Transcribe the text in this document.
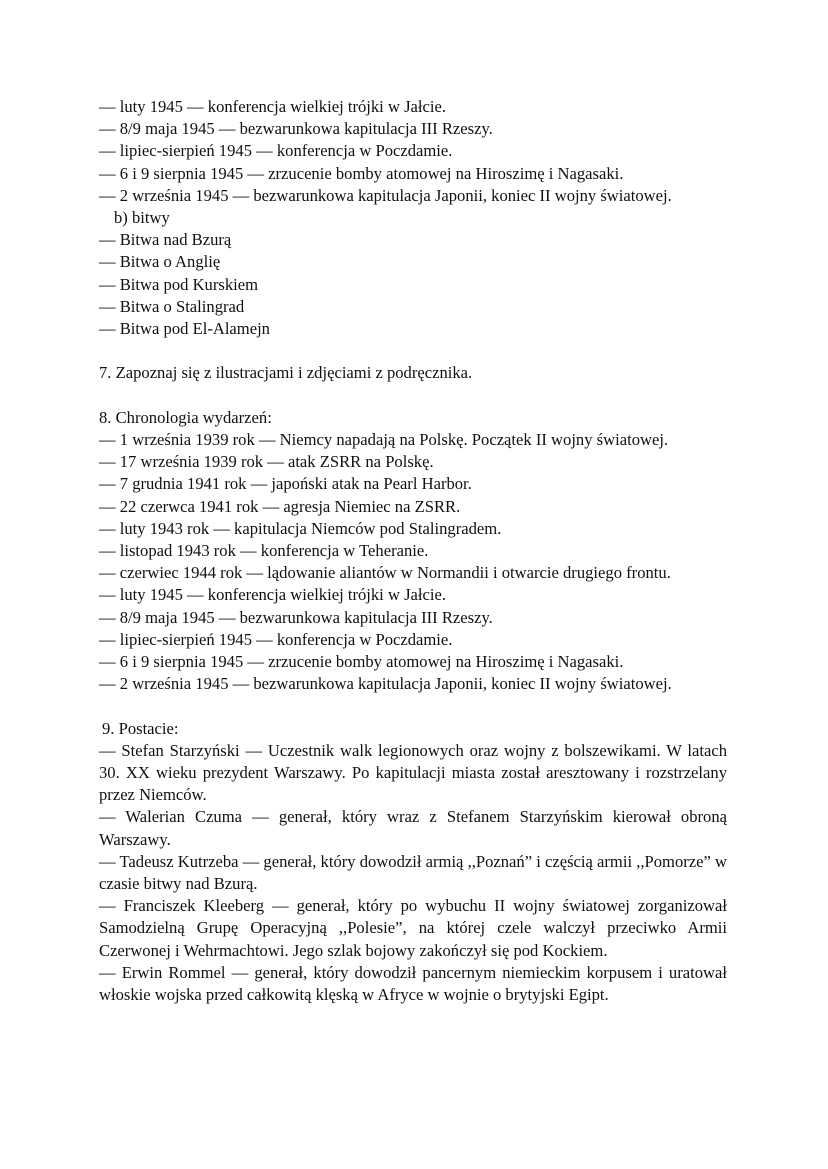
— luty 1945 — konferencja wielkiej trójki w Jałcie.

— 8/9 maja 1945 — bezwarunkowa kapitulacja III Rzeszy.

— lipiec-sierpień 1945 — konferencja w Poczdamie.

— 6 i 9 sierpnia 1945 — zrzucenie bomby atomowej na Hiroszimę i Nagasaki.

— 2 września 1945 — bezwarunkowa kapitulacja Japonii, koniec II wojny światowej.

b) bitwy

— Bitwa nad Bzurą

— Bitwa o Anglię

— Bitwa pod Kurskiem

— Bitwa o Stalingrad

— Bitwa pod El-Alamejn

7. Zapoznaj się z ilustracjami i zdjęciami z podręcznika.

8. Chronologia wydarzeń:

— 1 września 1939 rok — Niemcy napadają na Polskę. Początek II wojny światowej.

— 17 września 1939 rok — atak ZSRR na Polskę.

— 7 grudnia 1941 rok — japoński atak na Pearl Harbor.

— 22 czerwca 1941 rok — agresja Niemiec na ZSRR.

— luty 1943 rok — kapitulacja Niemców pod Stalingradem.

— listopad 1943 rok — konferencja w Teheranie.

— czerwiec 1944 rok — lądowanie aliantów w Normandii i otwarcie drugiego frontu.

— luty 1945 — konferencja wielkiej trójki w Jałcie.

— 8/9 maja 1945 — bezwarunkowa kapitulacja III Rzeszy.

— lipiec-sierpień 1945 — konferencja w Poczdamie.

— 6 i 9 sierpnia 1945 — zrzucenie bomby atomowej na Hiroszimę i Nagasaki.

— 2 września 1945 — bezwarunkowa kapitulacja Japonii, koniec II wojny światowej.

9. Postacie:

— Stefan Starzyński — Uczestnik walk legionowych oraz wojny z bolszewikami. W latach 30. XX wieku prezydent Warszawy. Po kapitulacji miasta został aresztowany i rozstrzelany przez Niemców.

— Walerian Czuma — generał, który wraz z Stefanem Starzyńskim kierował obroną Warszawy.

— Tadeusz Kutrzeba — generał, który dowodził armią ,,Poznań” i częścią armii ,,Pomorze” w czasie bitwy nad Bzurą.

— Franciszek Kleeberg — generał, który po wybuchu II wojny światowej zorganizował Samodzielną Grupę Operacyjną ,,Polesie”, na której czele walczył przeciwko Armii Czerwonej i Wehrmachtowi. Jego szlak bojowy zakończył się pod Kockiem.

— Erwin Rommel — generał, który dowodził pancernym niemieckim korpusem i uratował włoskie wojska przed całkowitą klęską w Afryce w wojnie o brytyjski Egipt.
